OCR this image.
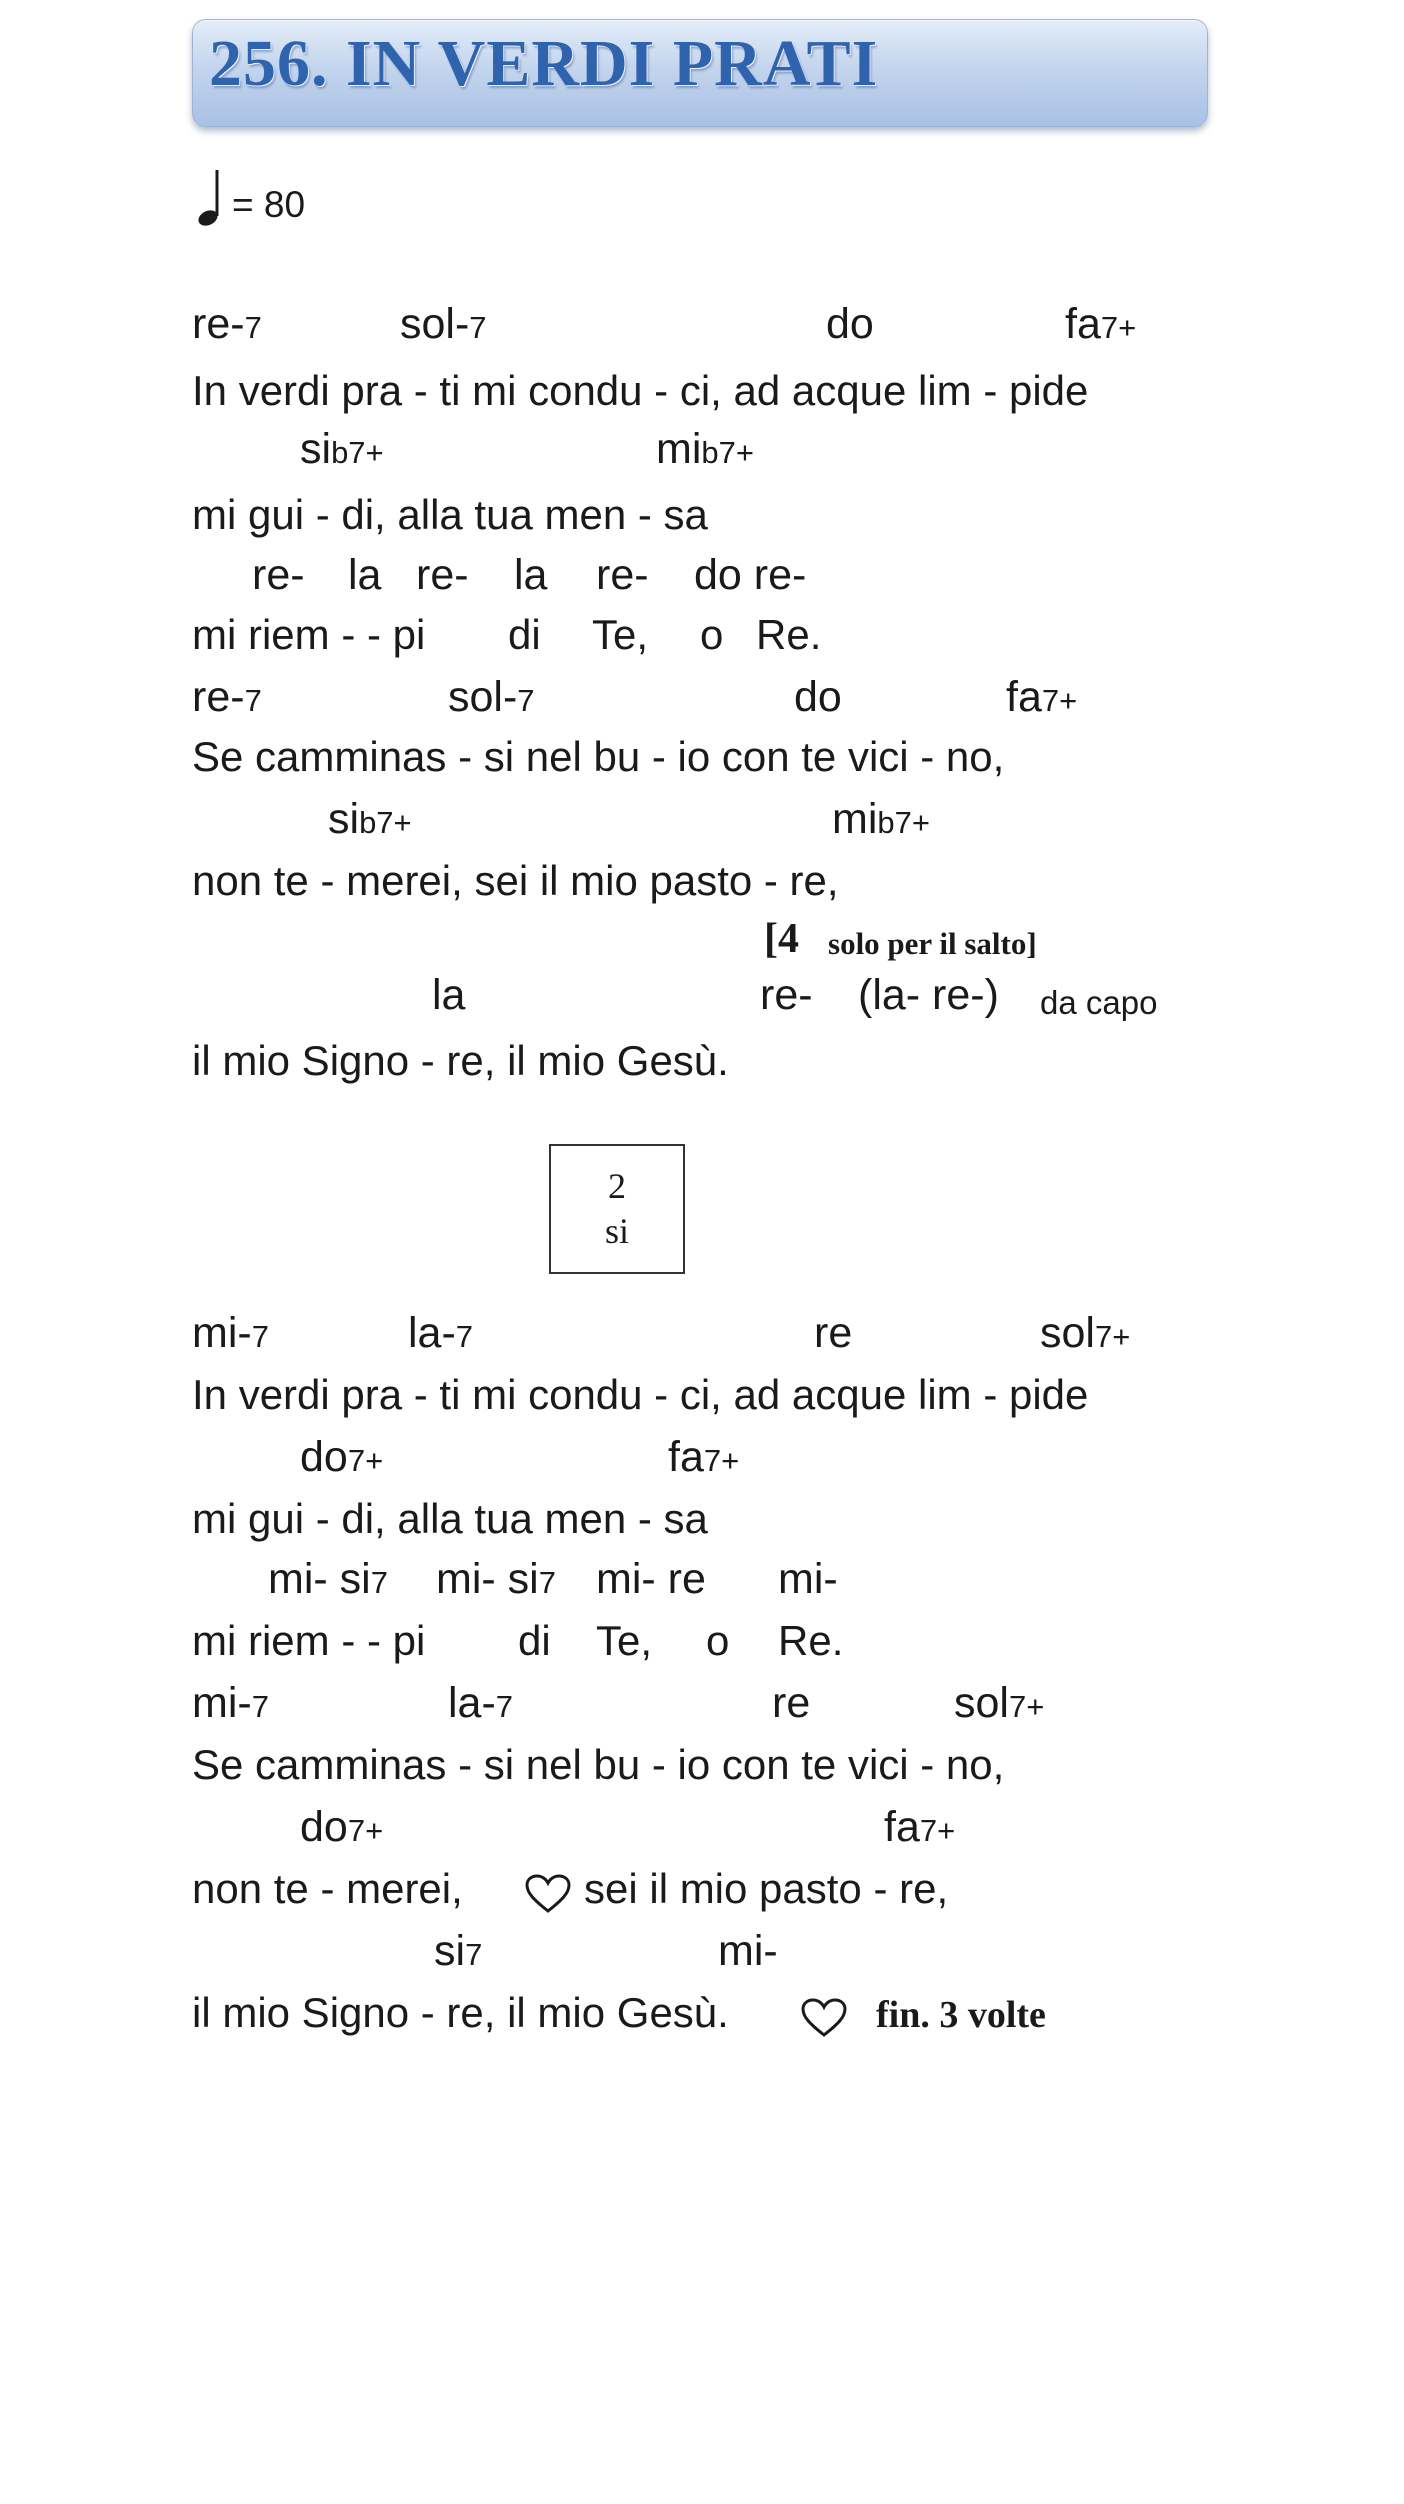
256. IN VERDI PRATI
= 80
re-7	sol-7	do	fa7+
In verdi pra - ti mi condu - ci, ad acque lim - pide
sib7+	mib7+
mi gui - di, alla tua men - sa
re- la re- la re- do re-
mi riem - - pi di Te, o Re.
re-7	sol-7	do	fa7+
Se camminas - si nel bu - io con te vici - no,
sib7+	mib7+
non te - merei, sei il mio pasto - re,
[4 solo per il salto]
la	re- (la- re-) da capo
il mio Signo - re, il mio Gesù.
2
si
mi-7	la-7	re	sol7+
In verdi pra - ti mi condu - ci, ad acque lim - pide
do7+	fa7+
mi gui - di, alla tua men - sa
mi- si7 mi- si7 mi- re mi-
mi riem - - pi di Te, o Re.
mi-7	la-7	re	sol7+
Se camminas - si nel bu - io con te vici - no,
do7+	fa7+
non te - merei,	sei il mio pasto - re,
si7	mi-
il mio Signo - re, il mio Gesù.	fin. 3 volte
